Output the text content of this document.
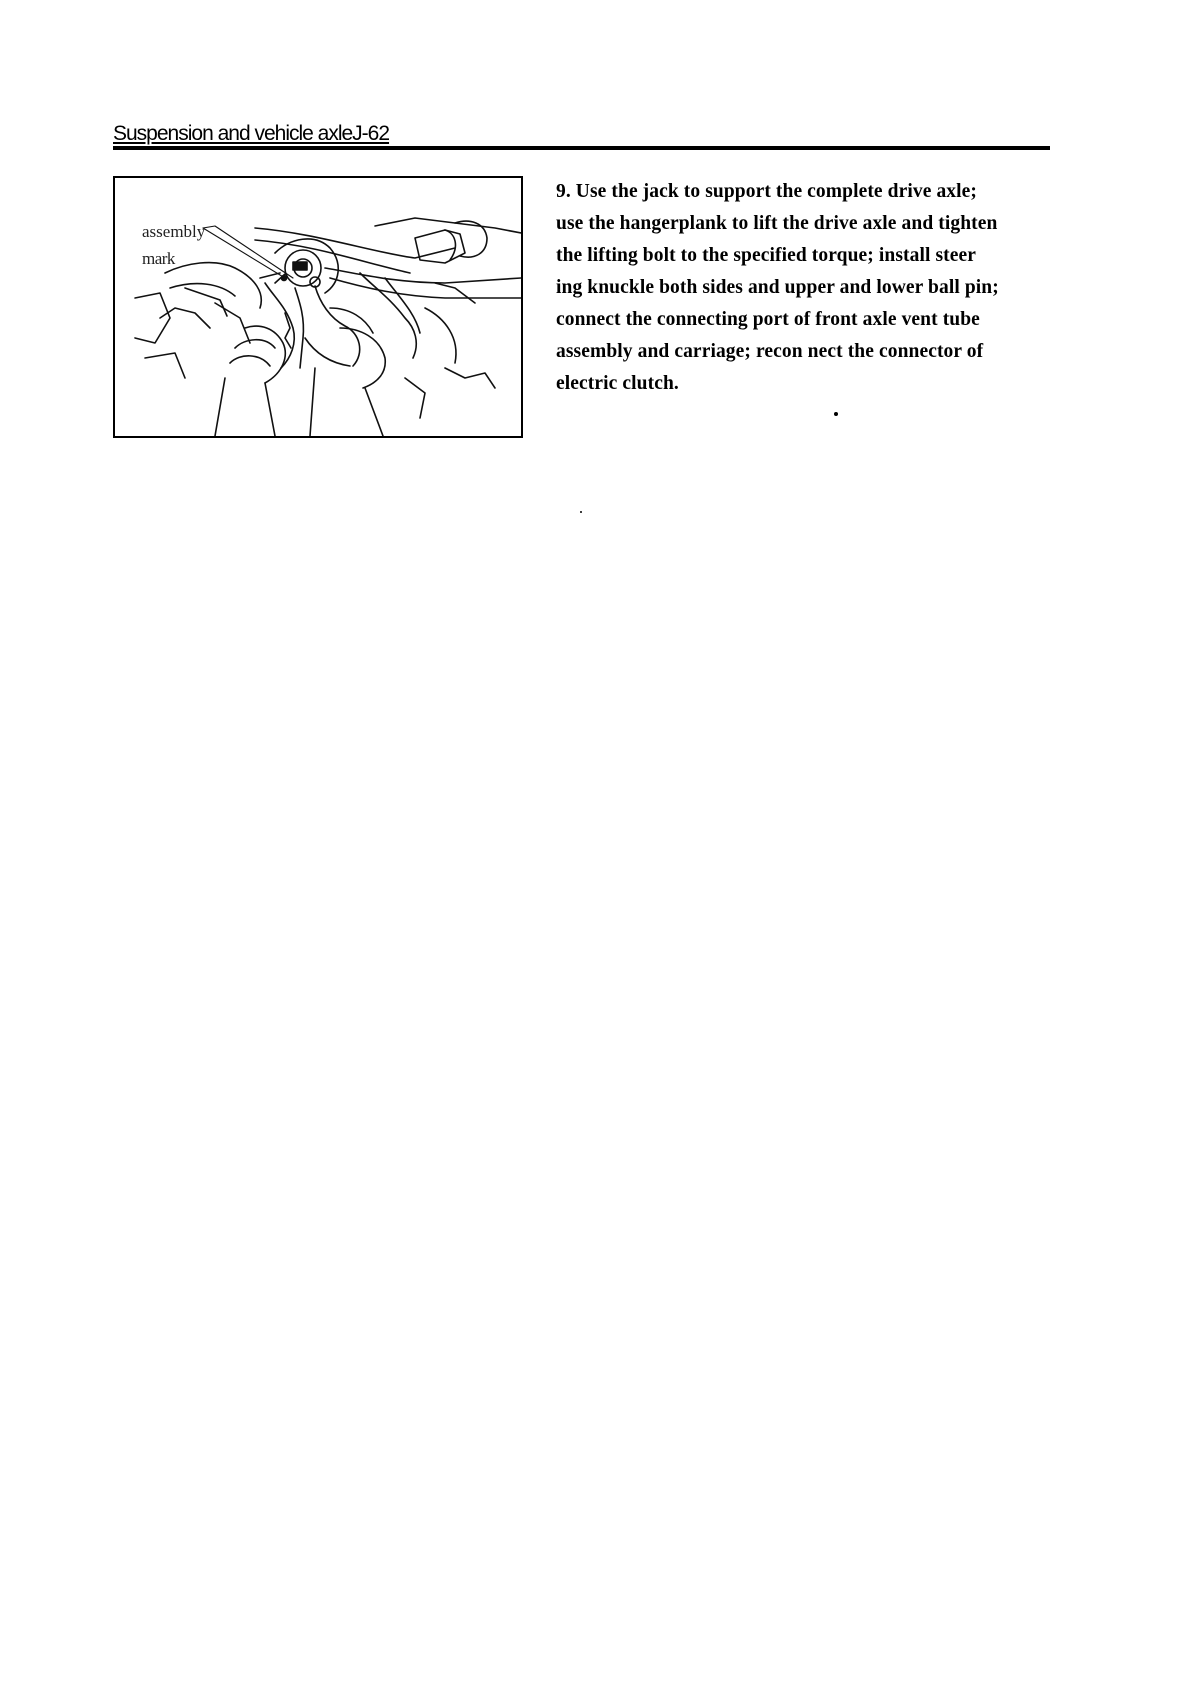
Suspension and vehicle axleJ-62
assembly
mark
9. Use the jack to support the complete drive axle;
use the hangerplank to lift the drive axle and tighten
the lifting bolt to the specified torque; install steer
ing knuckle both sides and upper and lower ball pin;
connect the connecting port of front axle vent tube
assembly and carriage; recon nect the connector of
electric clutch.
